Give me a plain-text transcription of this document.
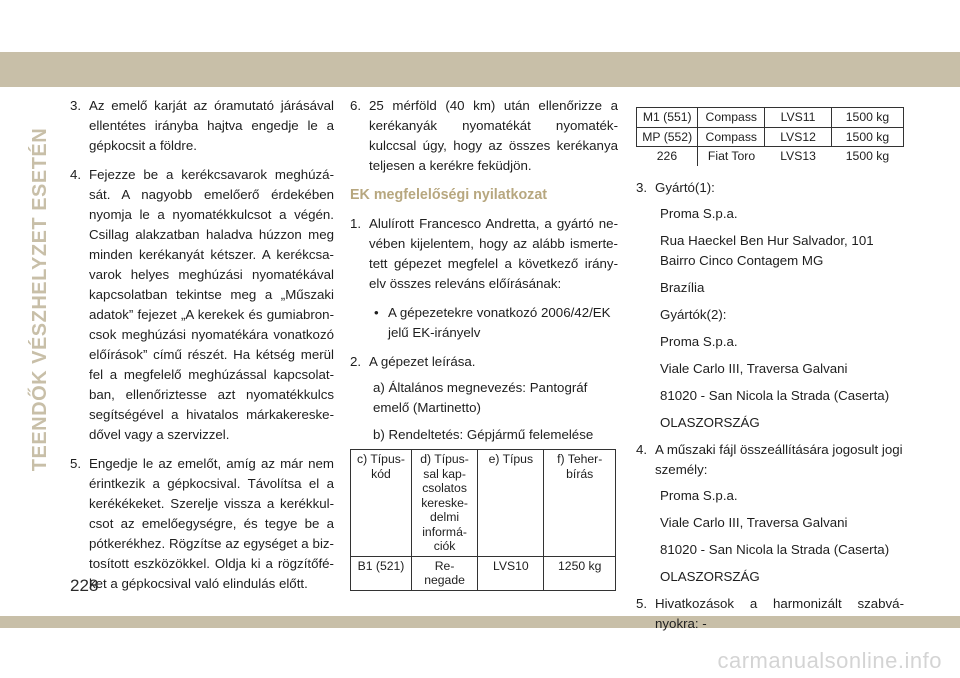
TEENDŐK VÉSZHELYZET ESETÉN
3. Az emelő karját az óramutató járásával ellentétes irányba hajtva engedje le a gépkocsit a földre.
4. Fejezze be a kerékcsavarok meghúzá-sát. A nagyobb emelőerő érdekében nyomja le a nyomatékkulcsot a végén. Csillag alakzatban haladva húzzon meg minden kerékanyát kétszer. A kerékcsa-varok helyes meghúzási nyomatékával kapcsolatban tekintse meg a „Műszaki adatok” fejezet „A kerekek és gumiabron-csok meghúzási nyomatékára vonatkozó előírások” című részét. Ha kétség merül fel a megfelelő meghúzással kapcsolat-ban, ellenőriztesse azt nyomatékkulcs segítségével a hivatalos márkakereske-dővel vagy a szervizzel.
5. Engedje le az emelőt, amíg az már nem érintkezik a gépkocsival. Távolítsa el a kerékékeket. Szerelje vissza a kerékkul-csot az emelőegységre, és tegye be a pótkerékhez. Rögzítse az egységet a biz-tosított eszközökkel. Oldja ki a rögzítőfé-ket a gépkocsival való elindulás előtt.
6. 25 mérföld (40 km) után ellenőrizze a kerékanyák nyomatékát nyomaték-kulccsal úgy, hogy az összes kerékanya teljesen a kerékre feküdjön.
EK megfelelőségi nyilatkozat
1. Alulírott Francesco Andretta, a gyártó ne-vében kijelentem, hogy az alább ismerte-tett gépezet megfelel a következő irány-elv összes releváns előírásának:
• A gépezetekre vonatkozó 2006/42/EK jelű EK-irányelv
2. A gépezet leírása.
a) Általános megnevezés: Pantográf emelő (Martinetto)
b) Rendeltetés: Gépjármű felemelése
c) Típus-kód	d) Típus-sal kap-csolatos kereske-delmi informá-ciók	e) Típus	f) Teher-bírás
B1 (521)	Re-negade	LVS10	1250 kg
M1 (551)	Compass	LVS11	1500 kg
MP (552)	Compass	LVS12	1500 kg
226	Fiat Toro	LVS13	1500 kg
3. Gyártó(1):
Proma S.p.a.
Rua Haeckel Ben Hur Salvador, 101 Bairro Cinco Contagem MG
Brazília
Gyártók(2):
Proma S.p.a.
Viale Carlo III, Traversa Galvani
81020 - San Nicola la Strada (Caserta)
OLASZORSZÁG
4. A műszaki fájl összeállítására jogosult jogi személy:
Proma S.p.a.
Viale Carlo III, Traversa Galvani
81020 - San Nicola la Strada (Caserta)
OLASZORSZÁG
5. Hivatkozások a harmonizált szabvá-nyokra: -
228
carmanualsonline.info
